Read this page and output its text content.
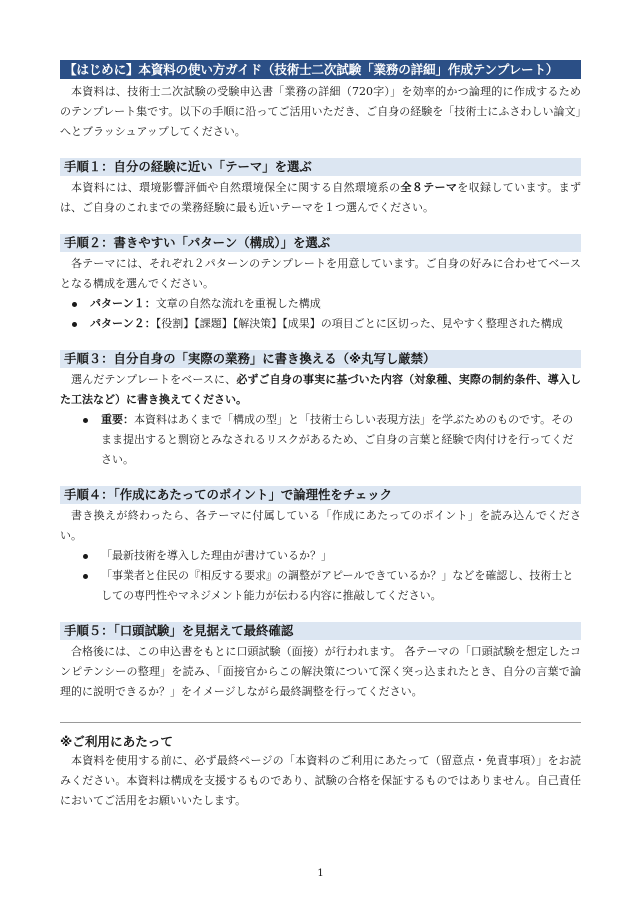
【はじめに】本資料の使い方ガイド（技術士二次試験「業務の詳細」作成テンプレート）

本資料は、技術士二次試験の受験申込書「業務の詳細（720字）」を効率的かつ論理的に作成するためのテンプレート集です。以下の手順に沿ってご活用いただき、ご自身の経験を「技術士にふさわしい論文」へとブラッシュアップしてください。

手順１：自分の経験に近い「テーマ」を選ぶ

本資料には、環境影響評価や自然環境保全に関する自然環境系の全８テーマを収録しています。まずは、ご自身のこれまでの業務経験に最も近いテーマを１つ選んでください。

手順２：書きやすい「パターン（構成）」を選ぶ

各テーマには、それぞれ２パターンのテンプレートを用意しています。ご自身の好みに合わせてベースとなる構成を選んでください。

パターン１：文章の自然な流れを重視した構成
パターン２：【役割】【課題】【解決策】【成果】の項目ごとに区切った、見やすく整理された構成
手順３：自分自身の「実際の業務」に書き換える（※丸写し厳禁）

選んだテンプレートをベースに、必ずご自身の事実に基づいた内容（対象種、実際の制約条件、導入した工法など）に書き換えてください。

重要：本資料はあくまで「構成の型」と「技術士らしい表現方法」を学ぶためのものです。そのまま提出すると剽窃とみなされるリスクがあるため、ご自身の言葉と経験で肉付けを行ってください。
手順４：「作成にあたってのポイント」で論理性をチェック

書き換えが終わったら、各テーマに付属している「作成にあたってのポイント」を読み込んでください。

「最新技術を導入した理由が書けているか？」
「事業者と住民の『相反する要求』の調整がアピールできているか？」などを確認し、技術士としての専門性やマネジメント能力が伝わる内容に推敲してください。
手順５：「口頭試験」を見据えて最終確認

合格後には、この申込書をもとに口頭試験（面接）が行われます。 各テーマの「口頭試験を想定したコンピテンシーの整理」を読み、「面接官からこの解決策について深く突っ込まれたとき、自分の言葉で論理的に説明できるか？」をイメージしながら最終調整を行ってください。

※ご利用にあたって

本資料を使用する前に、必ず最終ページの「本資料のご利用にあたって（留意点・免責事項）」をお読みください。本資料は構成を支援するものであり、試験の合格を保証するものではありません。自己責任においてご活用をお願いいたします。

1
